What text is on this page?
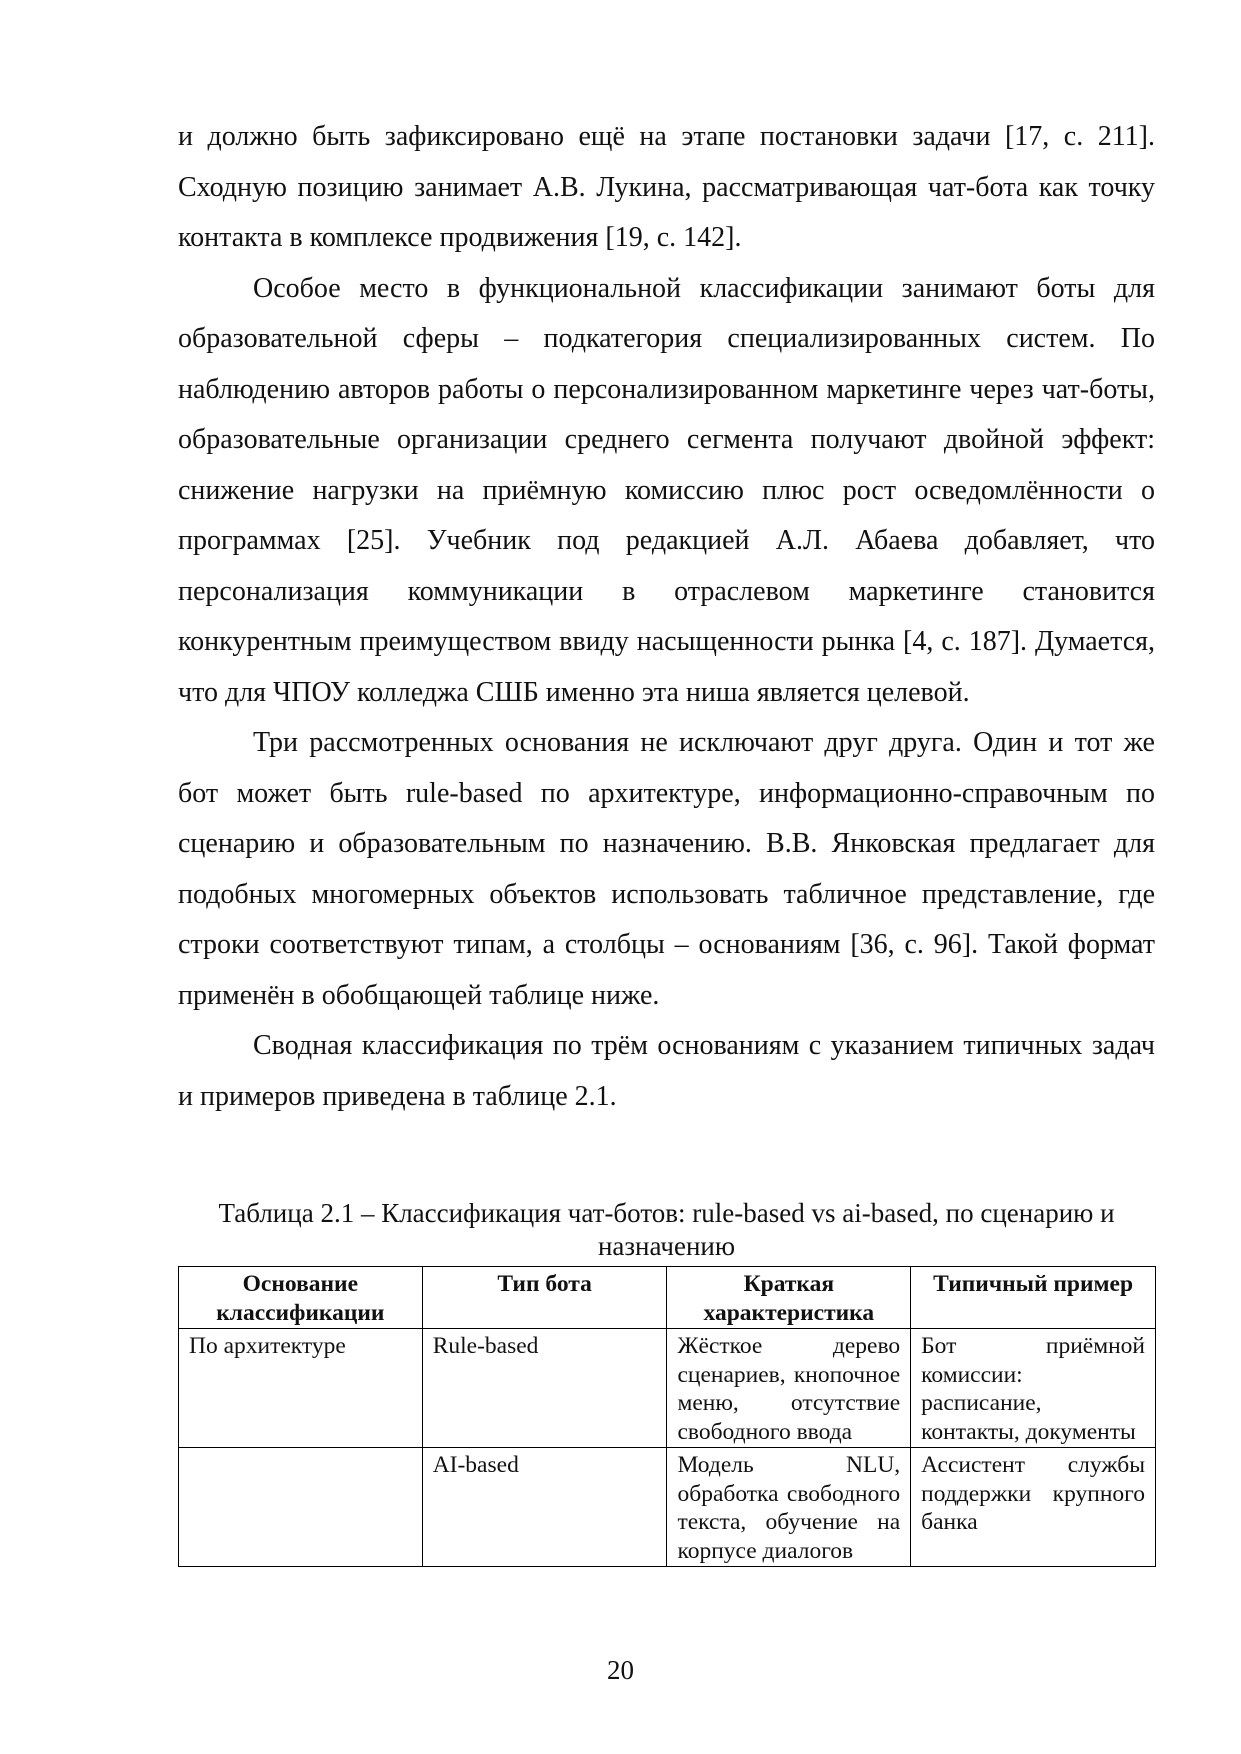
и должно быть зафиксировано ещё на этапе постановки задачи [17, с. 211]. Сходную позицию занимает А.В. Лукина, рассматривающая чат-бота как точку контакта в комплексе продвижения [19, с. 142].

Особое место в функциональной классификации занимают боты для образовательной сферы – подкатегория специализированных систем. По наблюдению авторов работы о персонализированном маркетинге через чат-боты, образовательные организации среднего сегмента получают двойной эффект: снижение нагрузки на приёмную комиссию плюс рост осведомлённости о программах [25]. Учебник под редакцией А.Л. Абаева добавляет, что персонализация коммуникации в отраслевом маркетинге становится конкурентным преимуществом ввиду насыщенности рынка [4, с. 187]. Думается, что для ЧПОУ колледжа СШБ именно эта ниша является целевой.

Три рассмотренных основания не исключают друг друга. Один и тот же бот может быть rule-based по архитектуре, информационно-справочным по сценарию и образовательным по назначению. В.В. Янковская предлагает для подобных многомерных объектов использовать табличное представление, где строки соответствуют типам, а столбцы – основаниям [36, с. 96]. Такой формат применён в обобщающей таблице ниже.

Сводная классификация по трём основаниям с указанием типичных задач и примеров приведена в таблице 2.1.

Таблица 2.1 – Классификация чат-ботов: rule-based vs ai-based, по сценарию и назначению

Основание классификации	Тип бота	Краткая характеристика	Типичный пример
По архитектуре	Rule-based	Жёсткое дерево сценариев, кнопочное меню, отсутствие свободного ввода	Бот приёмной комиссии: расписание, контакты, документы
	AI-based	Модель NLU, обработка свободного текста, обучение на корпусе диалогов	Ассистент службы поддержки крупного банка

20
